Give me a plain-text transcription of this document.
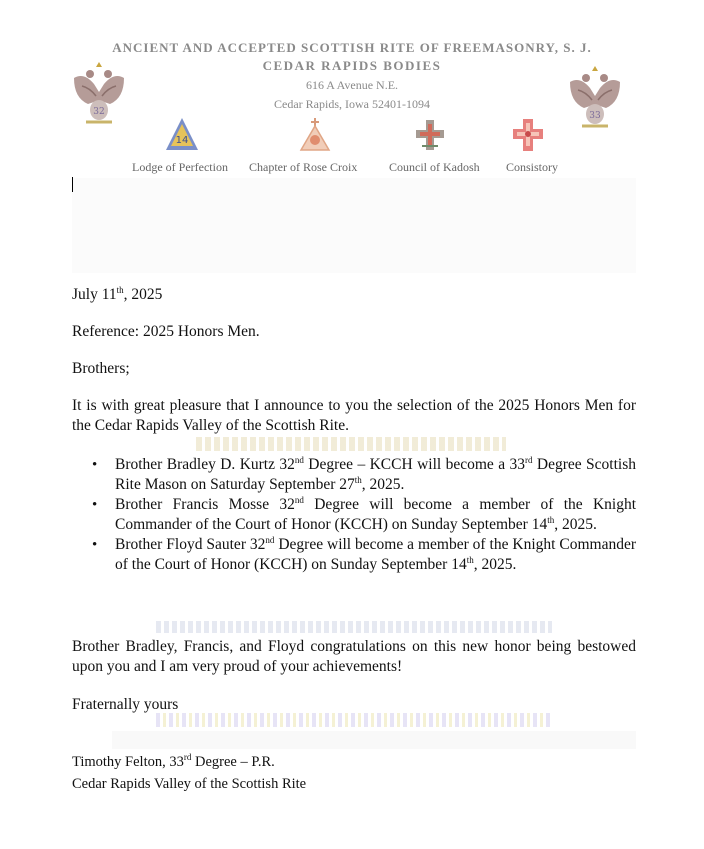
ANCIENT AND ACCEPTED SCOTTISH RITE OF FREEMASONRY, S. J.
CEDAR RAPIDS BODIES
616 A Avenue N.E.
Cedar Rapids, Iowa 52401-1094
32	33
14
Lodge of Perfection Chapter of Rose Croix	Council of Kadosh Consistory
July 11th, 2025
Reference: 2025 Honors Men.
Brothers;
It is with great pleasure that I announce to you the selection of the 2025 Honors Men for the Cedar Rapids Valley of the Scottish Rite.
• Brother Bradley D. Kurtz 32nd Degree – KCCH will become a 33rd Degree Scottish Rite Mason on Saturday September 27th, 2025.
• Brother Francis Mosse 32nd Degree will become a member of the Knight Commander of the Court of Honor (KCCH) on Sunday September 14th, 2025.
• Brother Floyd Sauter 32nd Degree will become a member of the Knight Commander of the Court of Honor (KCCH) on Sunday September 14th, 2025.
Brother Bradley, Francis, and Floyd congratulations on this new honor being bestowed upon you and I am very proud of your achievements!
Fraternally yours
Timothy Felton, 33rd Degree – P.R.
Cedar Rapids Valley of the Scottish Rite
